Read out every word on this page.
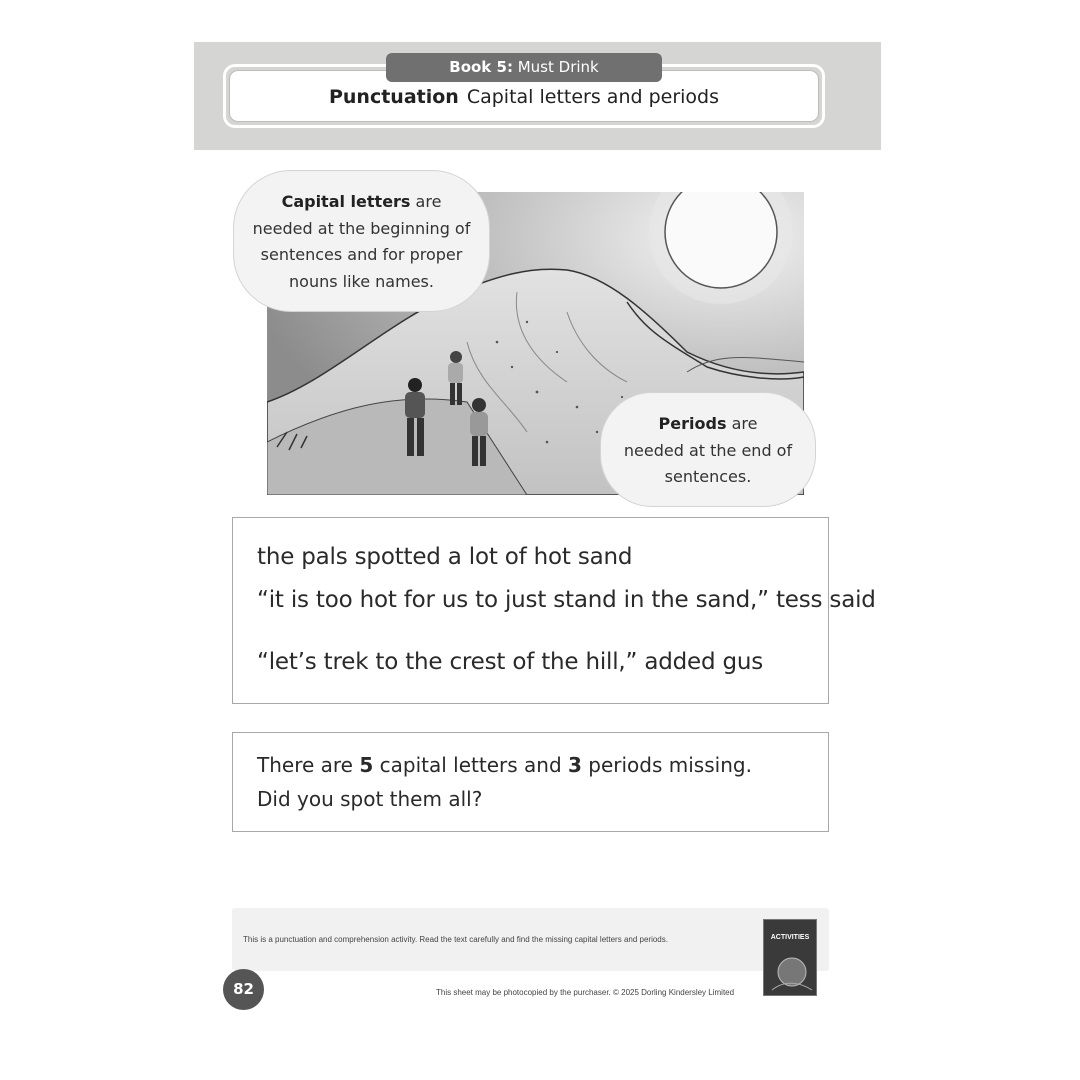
Book 5: Must Drink
Punctuation Capital letters and periods
Capital letters are
needed at the beginning of
sentences and for proper
nouns like names.
Periods are
needed at the end of
sentences.
the pals spotted a lot of hot sand
“it is too hot for us to just stand in the sand,” tess said
“let’s trek to the crest of the hill,” added gus
There are 5 capital letters and 3 periods missing.
Did you spot them all?
This is a punctuation and comprehension activity. Read the text carefully and find the missing capital letters and periods.	ACTIVITIES
82	This sheet may be photocopied by the purchaser. © 2025 Dorling Kindersley Limited
